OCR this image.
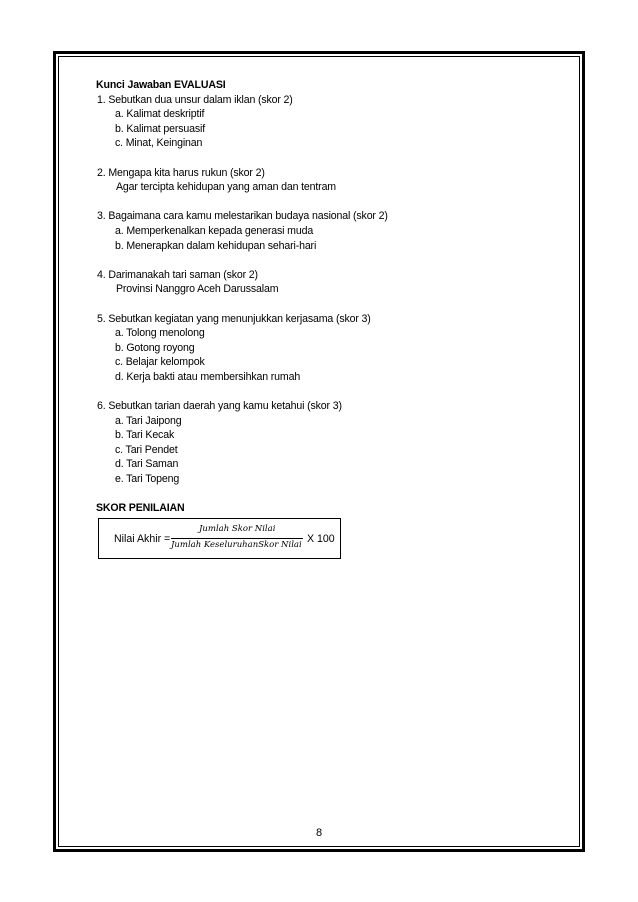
Kunci Jawaban EVALUASI
1. Sebutkan dua unsur dalam iklan (skor 2)
a. Kalimat deskriptif
b. Kalimat persuasif
c. Minat, Keinginan
2. Mengapa kita harus rukun (skor 2)
Agar tercipta kehidupan yang aman dan tentram
3. Bagaimana cara kamu melestarikan budaya nasional (skor 2)
a. Memperkenalkan kepada generasi muda
b. Menerapkan dalam kehidupan sehari-hari
4. Darimanakah tari saman (skor 2)
Provinsi Nanggro Aceh Darussalam
5. Sebutkan kegiatan yang menunjukkan kerjasama (skor 3)
a. Tolong menolong
b. Gotong royong
c. Belajar kelompok
d. Kerja bakti atau membersihkan rumah
6. Sebutkan tarian daerah yang kamu ketahui (skor 3)
a. Tari Jaipong
b. Tari Kecak
c. Tari Pendet
d. Tari Saman
e. Tari Topeng
SKOR PENILAIAN
Nilai Akhir =
Jumlah Skor Nilai
Jumlah KeseluruhanSkor Nilai X 100
8
